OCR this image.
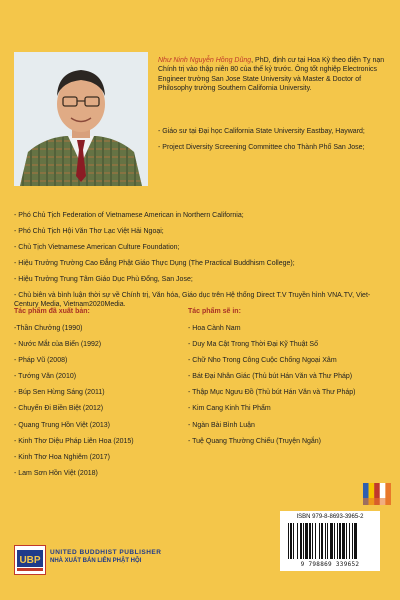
Như Ninh Nguyễn Hồng Dũng, PhD, định cư tại Hoa Kỳ theo diện Tỵ nạn Chính trị vào thập niên 80 của thế kỷ trước. Ông tốt nghiệp Electronics Engineer trường San Jose State University và Master & Doctor of Philosophy trường Southern California University.

- Giáo sư tại Đại học California State University Eastbay, Hayward;

- Project Diversity Screening Committee cho Thành Phố San Jose;

- Phó Chủ Tịch Federation of Vietnamese American in Northern California;

- Phó Chủ Tịch Hội Văn Thơ Lạc Việt Hải Ngoại;

- Chủ Tịch Vietnamese American Culture Foundation;

- Hiệu Trưởng Trường Cao Đẳng Phật Giáo Thực Dụng (The Practical Buddhism College);

- Hiệu Trưởng Trung Tâm Giáo Dục Phù Đổng, San Jose;

- Chủ biên và bình luận thời sự về Chính trị, Văn hóa, Giáo dục trên Hệ thống Direct T.V Truyền hình VNA.TV, Viet-Century Media, Vietnam2020Media.

Tác phẩm đã xuất bản:
-Thần Chưởng (1990)
- Nước Mắt của Biển (1992)
- Pháp Vũ (2008)
- Tướng Văn (2010)
- Búp Sen Hừng Sáng (2011)
- Chuyến Đi Biền Biệt (2012)
- Quang Trung Hồn Việt (2013)
- Kinh Thơ Diệu Pháp Liên Hoa (2015)
- Kinh Thơ Hoa Nghiêm (2017)
- Lam Sơn Hồn Việt (2018)
Tác phẩm sẽ in:
- Hoa Cành Nam
- Duy Ma Cật Trong Thời Đại Kỹ Thuật Số
- Chữ Nho Trong Công Cuộc Chống Ngoại Xâm
- Bát Đại Nhân Giác (Thủ bút Hán Văn và Thư Pháp)
- Thập Mục Ngưu Đồ (Thủ bút Hán Văn và Thư Pháp)
- Kim Cang Kinh Thi Phẩm
- Ngàn Bài Bình Luận
- Tuệ Quang Thường Chiếu (Truyện Ngắn)
UBP
UNITED BUDDHIST PUBLISHER
NHÀ XUẤT BẢN LIÊN PHẬT HỘI
ISBN 979-8-8693-3965-2
9 798869 339652
